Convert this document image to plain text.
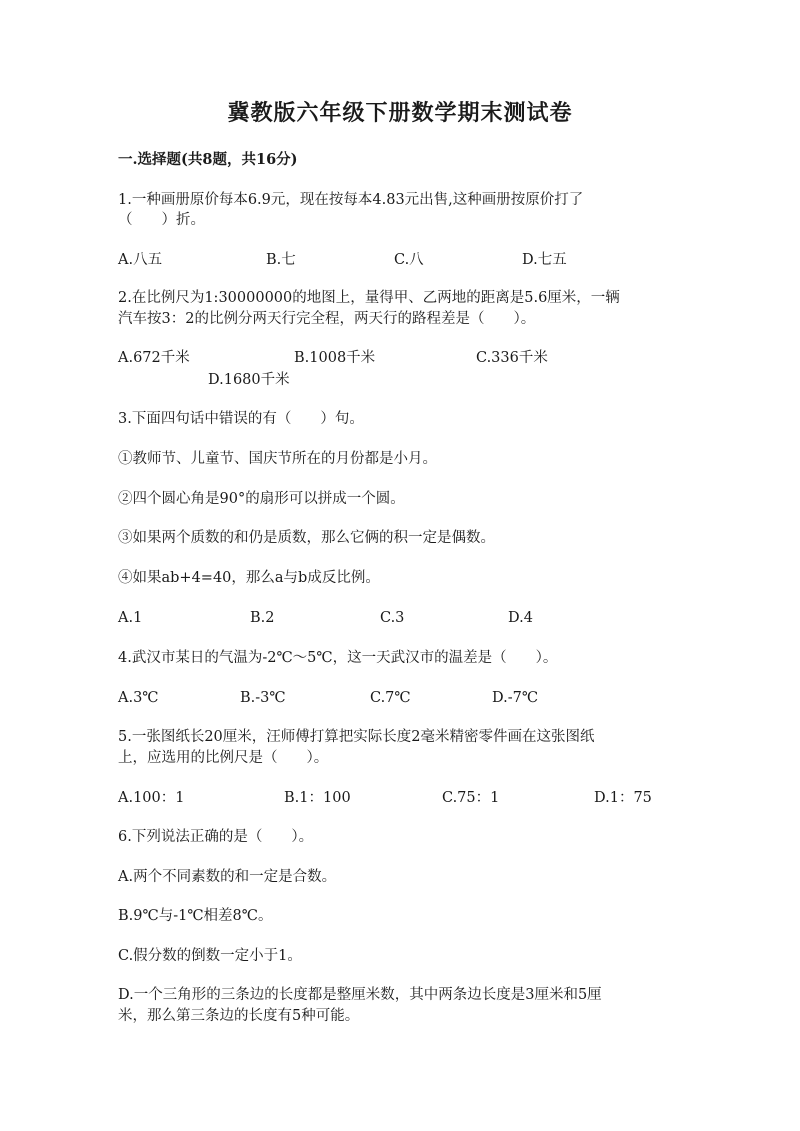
冀教版六年级下册数学期末测试卷
一.选择题(共8题，共16分)
1.一种画册原价每本6.9元，现在按每本4.83元出售,这种画册按原价打了
（　　）折。
A.八五	B.七	C.八	D.七五
2.在比例尺为1:30000000的地图上，量得甲、乙两地的距离是5.6厘米，一辆
汽车按3：2的比例分两天行完全程，两天行的路程差是（　　）。
A.672千米	B.1008千米	C.336千米
D.1680千米
3.下面四句话中错误的有（　　）句。
①教师节、儿童节、国庆节所在的月份都是小月。
②四个圆心角是90°的扇形可以拼成一个圆。
③如果两个质数的和仍是质数，那么它俩的积一定是偶数。
④如果ab+4=40，那么a与b成反比例。
A.1	B.2	C.3	D.4
4.武汉市某日的气温为-2℃～5℃，这一天武汉市的温差是（　　）。
A.3℃	B.-3℃	C.7℃	D.-7℃
5.一张图纸长20厘米，汪师傅打算把实际长度2毫米精密零件画在这张图纸
上，应选用的比例尺是（　　）。
A.100：1	B.1：100	C.75：1	D.1：75
6.下列说法正确的是（　　）。
A.两个不同素数的和一定是合数。
B.9℃与-1℃相差8℃。
C.假分数的倒数一定小于1。
D.一个三角形的三条边的长度都是整厘米数，其中两条边长度是3厘米和5厘
米，那么第三条边的长度有5种可能。
